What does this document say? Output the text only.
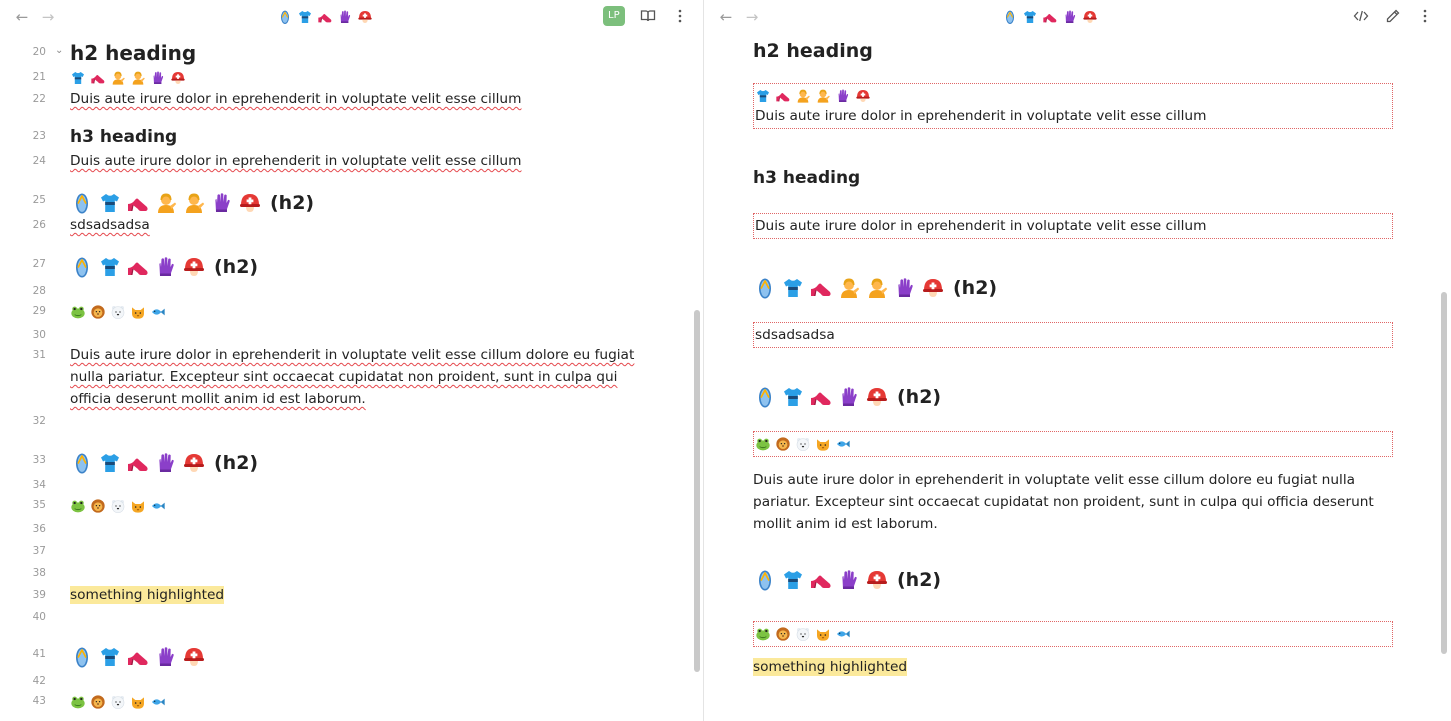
← →	LP
20 ⌄ h2 heading
21
22 Duis aute irure dolor in eprehenderit in voluptate velit esse cillum
23 h3 heading
24 Duis aute irure dolor in eprehenderit in voluptate velit esse cillum
25	(h2)
26 sdsadsadsa
27	(h2)
28
29
30
31 Duis aute irure dolor in eprehenderit in voluptate velit esse cillum dolore eu fugiat nulla pariatur. Excepteur sint occaecat cupidatat non proident, sunt in culpa qui officia deserunt mollit anim id est laborum.
32
33	(h2)
34
35
36
37
38
39 something highlighted
40
41
42
43
← →
h2 heading
Duis aute irure dolor in eprehenderit in voluptate velit esse cillum
h3 heading
Duis aute irure dolor in eprehenderit in voluptate velit esse cillum
(h2)
sdsadsadsa
(h2)
Duis aute irure dolor in eprehenderit in voluptate velit esse cillum dolore eu fugiat nulla pariatur. Excepteur sint occaecat cupidatat non proident, sunt in culpa qui officia deserunt mollit anim id est laborum.
(h2)
something highlighted
